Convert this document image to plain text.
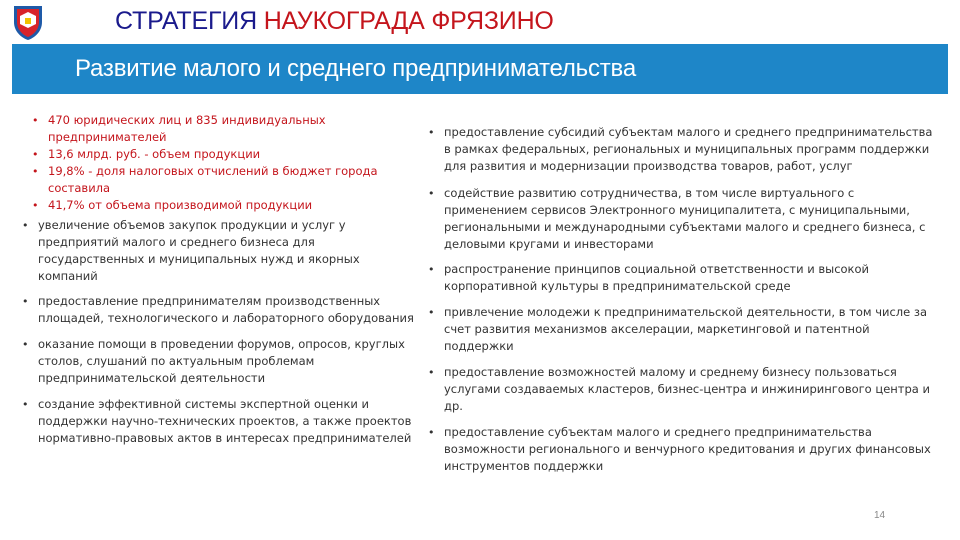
СТРАТЕГИЯ НАУКОГРАДА ФРЯЗИНО
Развитие малого и среднего предпринимательства
• 470 юридических лиц и 835 индивидуальных предпринимателей
• 13,6 млрд. руб. - объем продукции
• 19,8% - доля налоговых отчислений в бюджет города составила
• 41,7% от объема производимой продукции
• увеличение объемов закупок продукции и услуг у предприятий малого и среднего бизнеса для государственных и муниципальных нужд и якорных компаний
• предоставление предпринимателям производственных площадей, технологического и лабораторного оборудования
• оказание помощи в проведении форумов, опросов, круглых столов, слушаний по актуальным проблемам предпринимательской деятельности
• создание эффективной системы экспертной оценки и поддержки научно-технических проектов, а также проектов нормативно-правовых актов в интересах предпринимателей
• предоставление субсидий субъектам малого и среднего предпринимательства в рамках федеральных, региональных и муниципальных программ поддержки для развития и модернизации производства товаров, работ, услуг
• содействие развитию сотрудничества, в том числе виртуального с применением сервисов Электронного муниципалитета, с муниципальными, региональными и международными субъектами малого и среднего бизнеса, с деловыми кругами и инвесторами
• распространение принципов социальной ответственности и высокой корпоративной культуры в предпринимательской среде
• привлечение молодежи к предпринимательской деятельности, в том числе за счет развития механизмов акселерации, маркетинговой и патентной поддержки
• предоставление возможностей малому и среднему бизнесу пользоваться услугами создаваемых кластеров, бизнес-центра и инжинирингового центра и др.
• предоставление субъектам малого и среднего предпринимательства возможности регионального и венчурного кредитования и других финансовых инструментов поддержки
14
